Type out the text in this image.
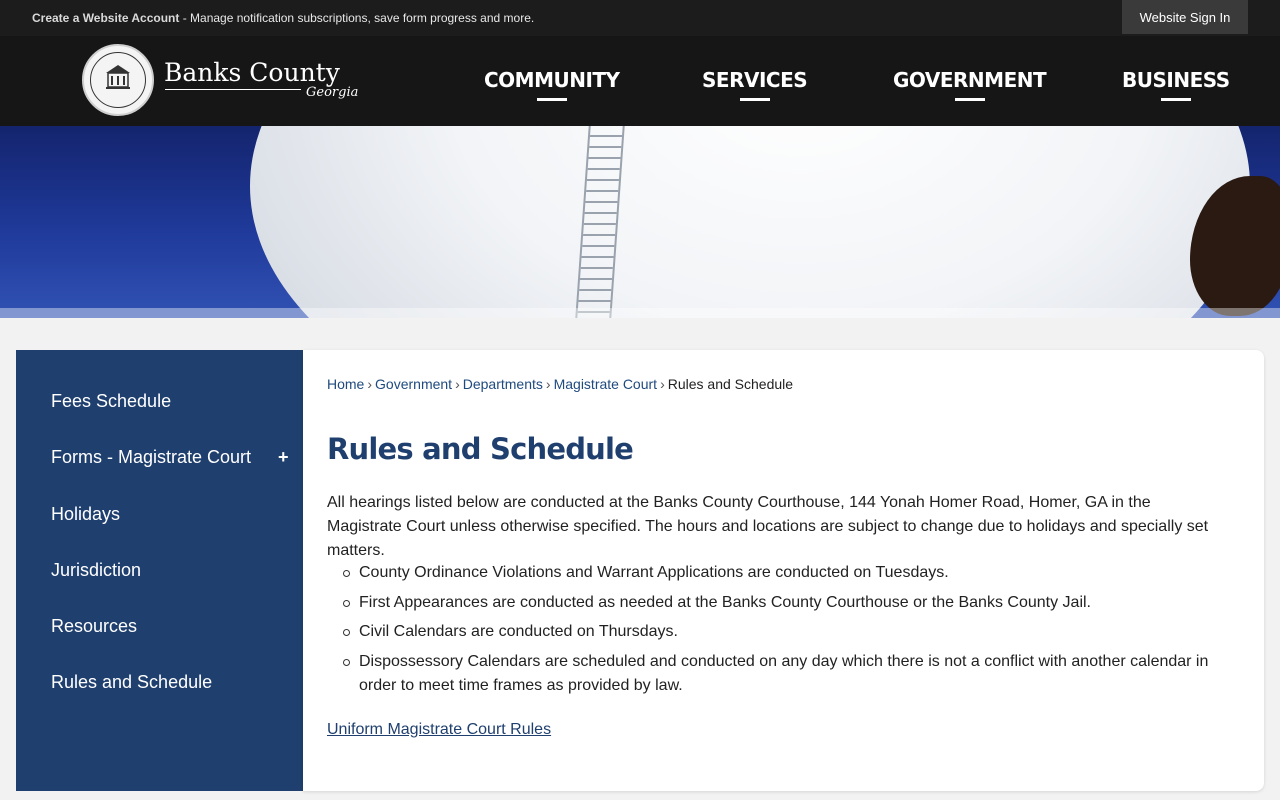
Create a Website Account - Manage notification subscriptions, save form progress and more.	Website Sign In
Banks County
Georgia
COMMUNITY	SERVICES	GOVERNMENT	BUSINESS
Fees Schedule
Forms - Magistrate Court +
Holidays
Jurisdiction
Resources
Rules and Schedule
Home › Government › Departments › Magistrate Court › Rules and Schedule
Rules and Schedule

All hearings listed below are conducted at the Banks County Courthouse, 144 Yonah Homer Road, Homer, GA in the Magistrate Court unless otherwise specified. The hours and locations are subject to change due to holidays and specially set matters.

County Ordinance Violations and Warrant Applications are conducted on Tuesdays.
First Appearances are conducted as needed at the Banks County Courthouse or the Banks County Jail.
Civil Calendars are conducted on Thursdays.
Dispossessory Calendars are scheduled and conducted on any day which there is not a conflict with another calendar in order to meet time frames as provided by law.
Uniform Magistrate Court Rules
